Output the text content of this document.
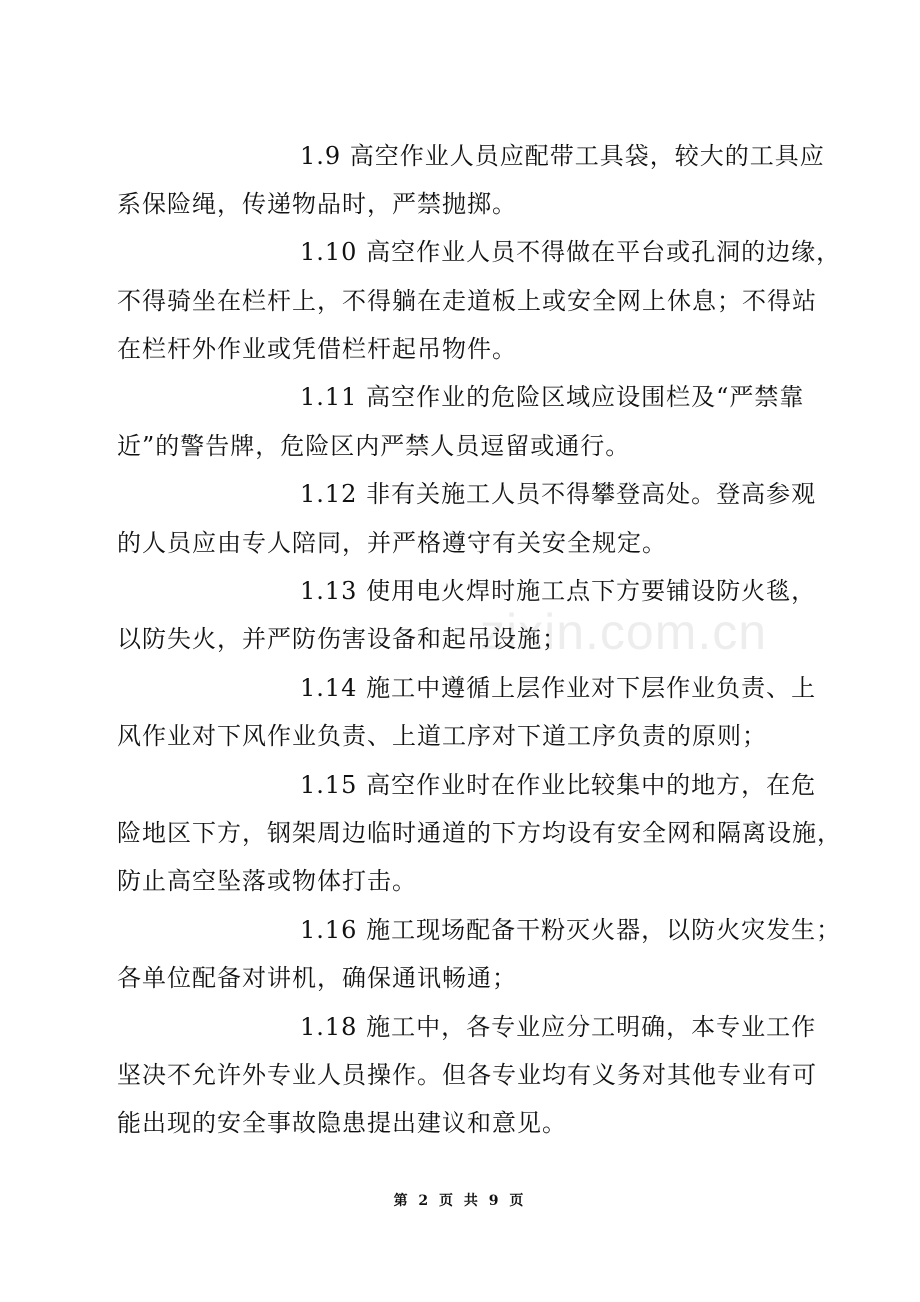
zixin.com.cn
1.9 高空作业人员应配带工具袋，较大的工具应
系保险绳，传递物品时，严禁抛掷。
1.10 高空作业人员不得做在平台或孔洞的边缘，
不得骑坐在栏杆上，不得躺在走道板上或安全网上休息；不得站
在栏杆外作业或凭借栏杆起吊物件。
1.11 高空作业的危险区域应设围栏及“严禁靠
近”的警告牌，危险区内严禁人员逗留或通行。
1.12 非有关施工人员不得攀登高处。登高参观
的人员应由专人陪同，并严格遵守有关安全规定。
1.13 使用电火焊时施工点下方要铺设防火毯，
以防失火，并严防伤害设备和起吊设施；
1.14 施工中遵循上层作业对下层作业负责、上
风作业对下风作业负责、上道工序对下道工序负责的原则；
1.15 高空作业时在作业比较集中的地方，在危
险地区下方，钢架周边临时通道的下方均设有安全网和隔离设施，
防止高空坠落或物体打击。
1.16 施工现场配备干粉灭火器，以防火灾发生；
各单位配备对讲机，确保通讯畅通；
1.18 施工中，各专业应分工明确，本专业工作
坚决不允许外专业人员操作。但各专业均有义务对其他专业有可
能出现的安全事故隐患提出建议和意见。
第 2 页 共 9 页
